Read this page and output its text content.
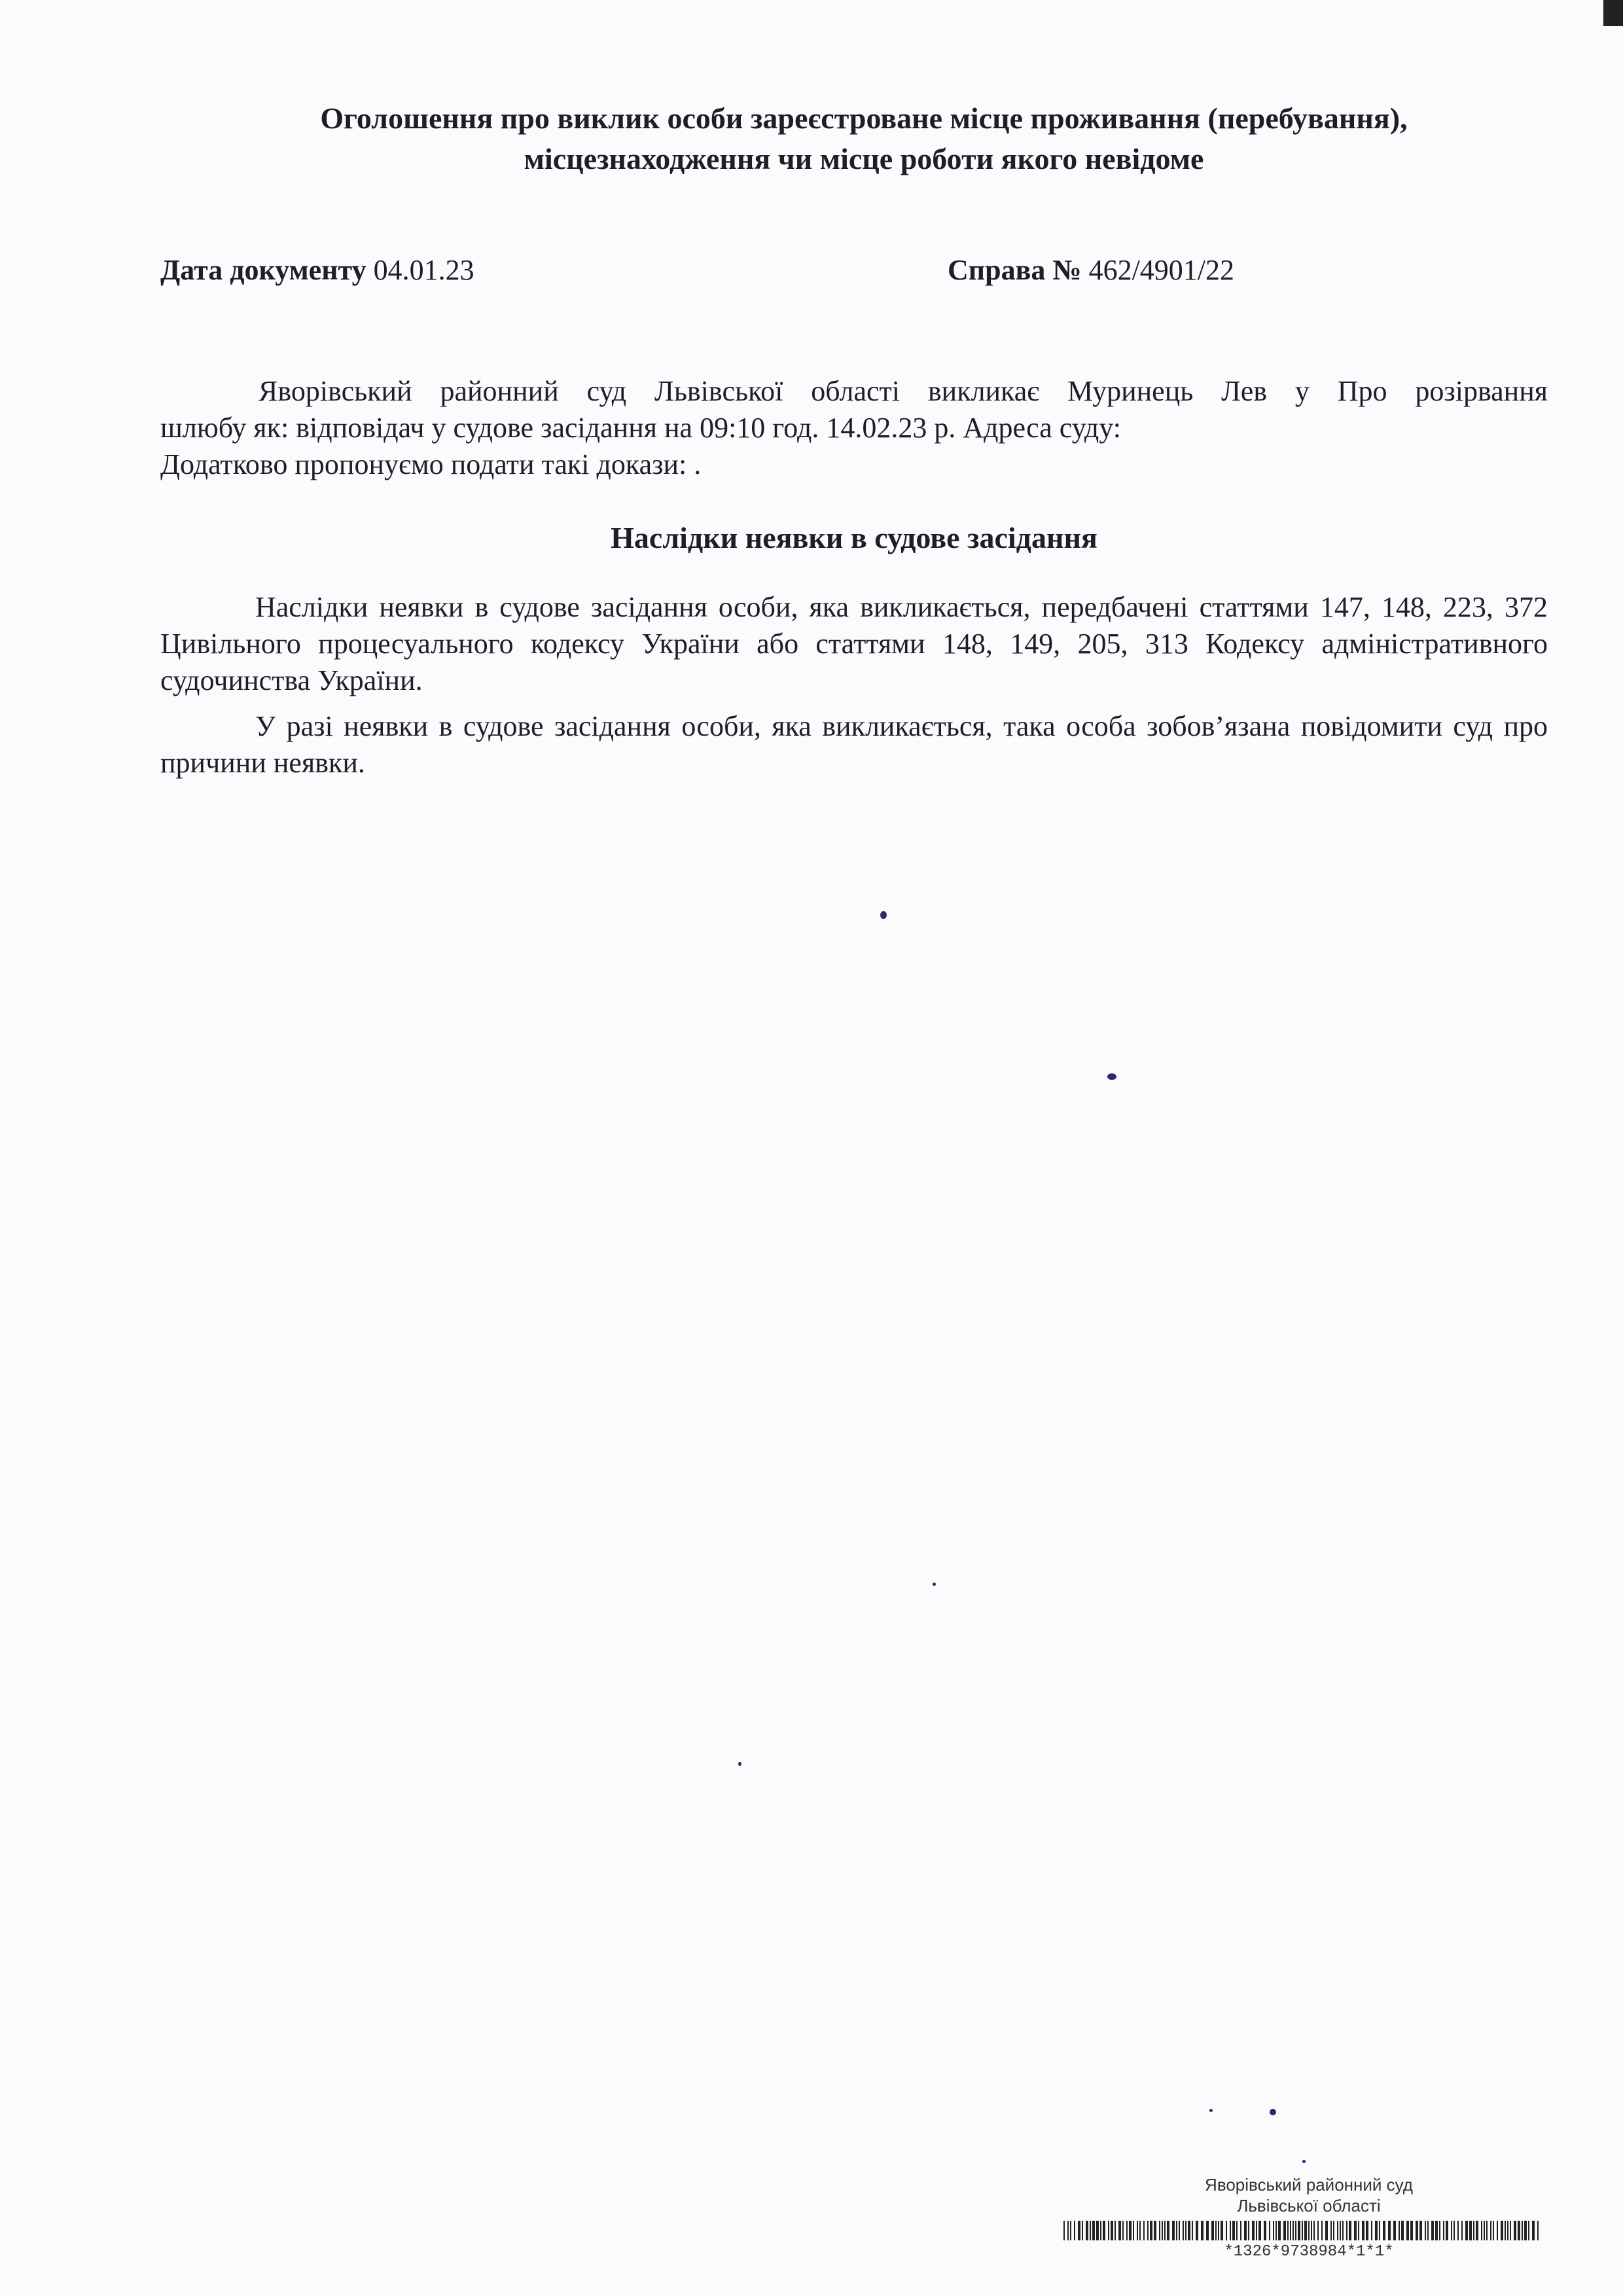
Оголошення про виклик особи зареєстроване місце проживання (перебування),
місцезнаходження чи місце роботи якого невідоме
Дата документу 04.01.23	Справа № 462/4901/22
Яворівський районний суд Львівської області викликає Муринець Лев у Про розірвання
шлюбу як: відповідач у судове засідання на 09:10 год. 14.02.23 р. Адреса суду:
Додатково пропонуємо подати такі докази: .
Наслідки неявки в судове засідання
Наслідки неявки в судове засідання особи, яка викликається, передбачені статтями 147, 148, 223, 372 Цивільного процесуального кодексу України або статтями 148, 149, 205, 313 Кодексу адміністративного судочинства України.
У разі неявки в судове засідання особи, яка викликається, така особа зобов’язана повідомити суд про причини неявки.
Яворівський районний суд
Львівської області
*1326*9738984*1*1*
